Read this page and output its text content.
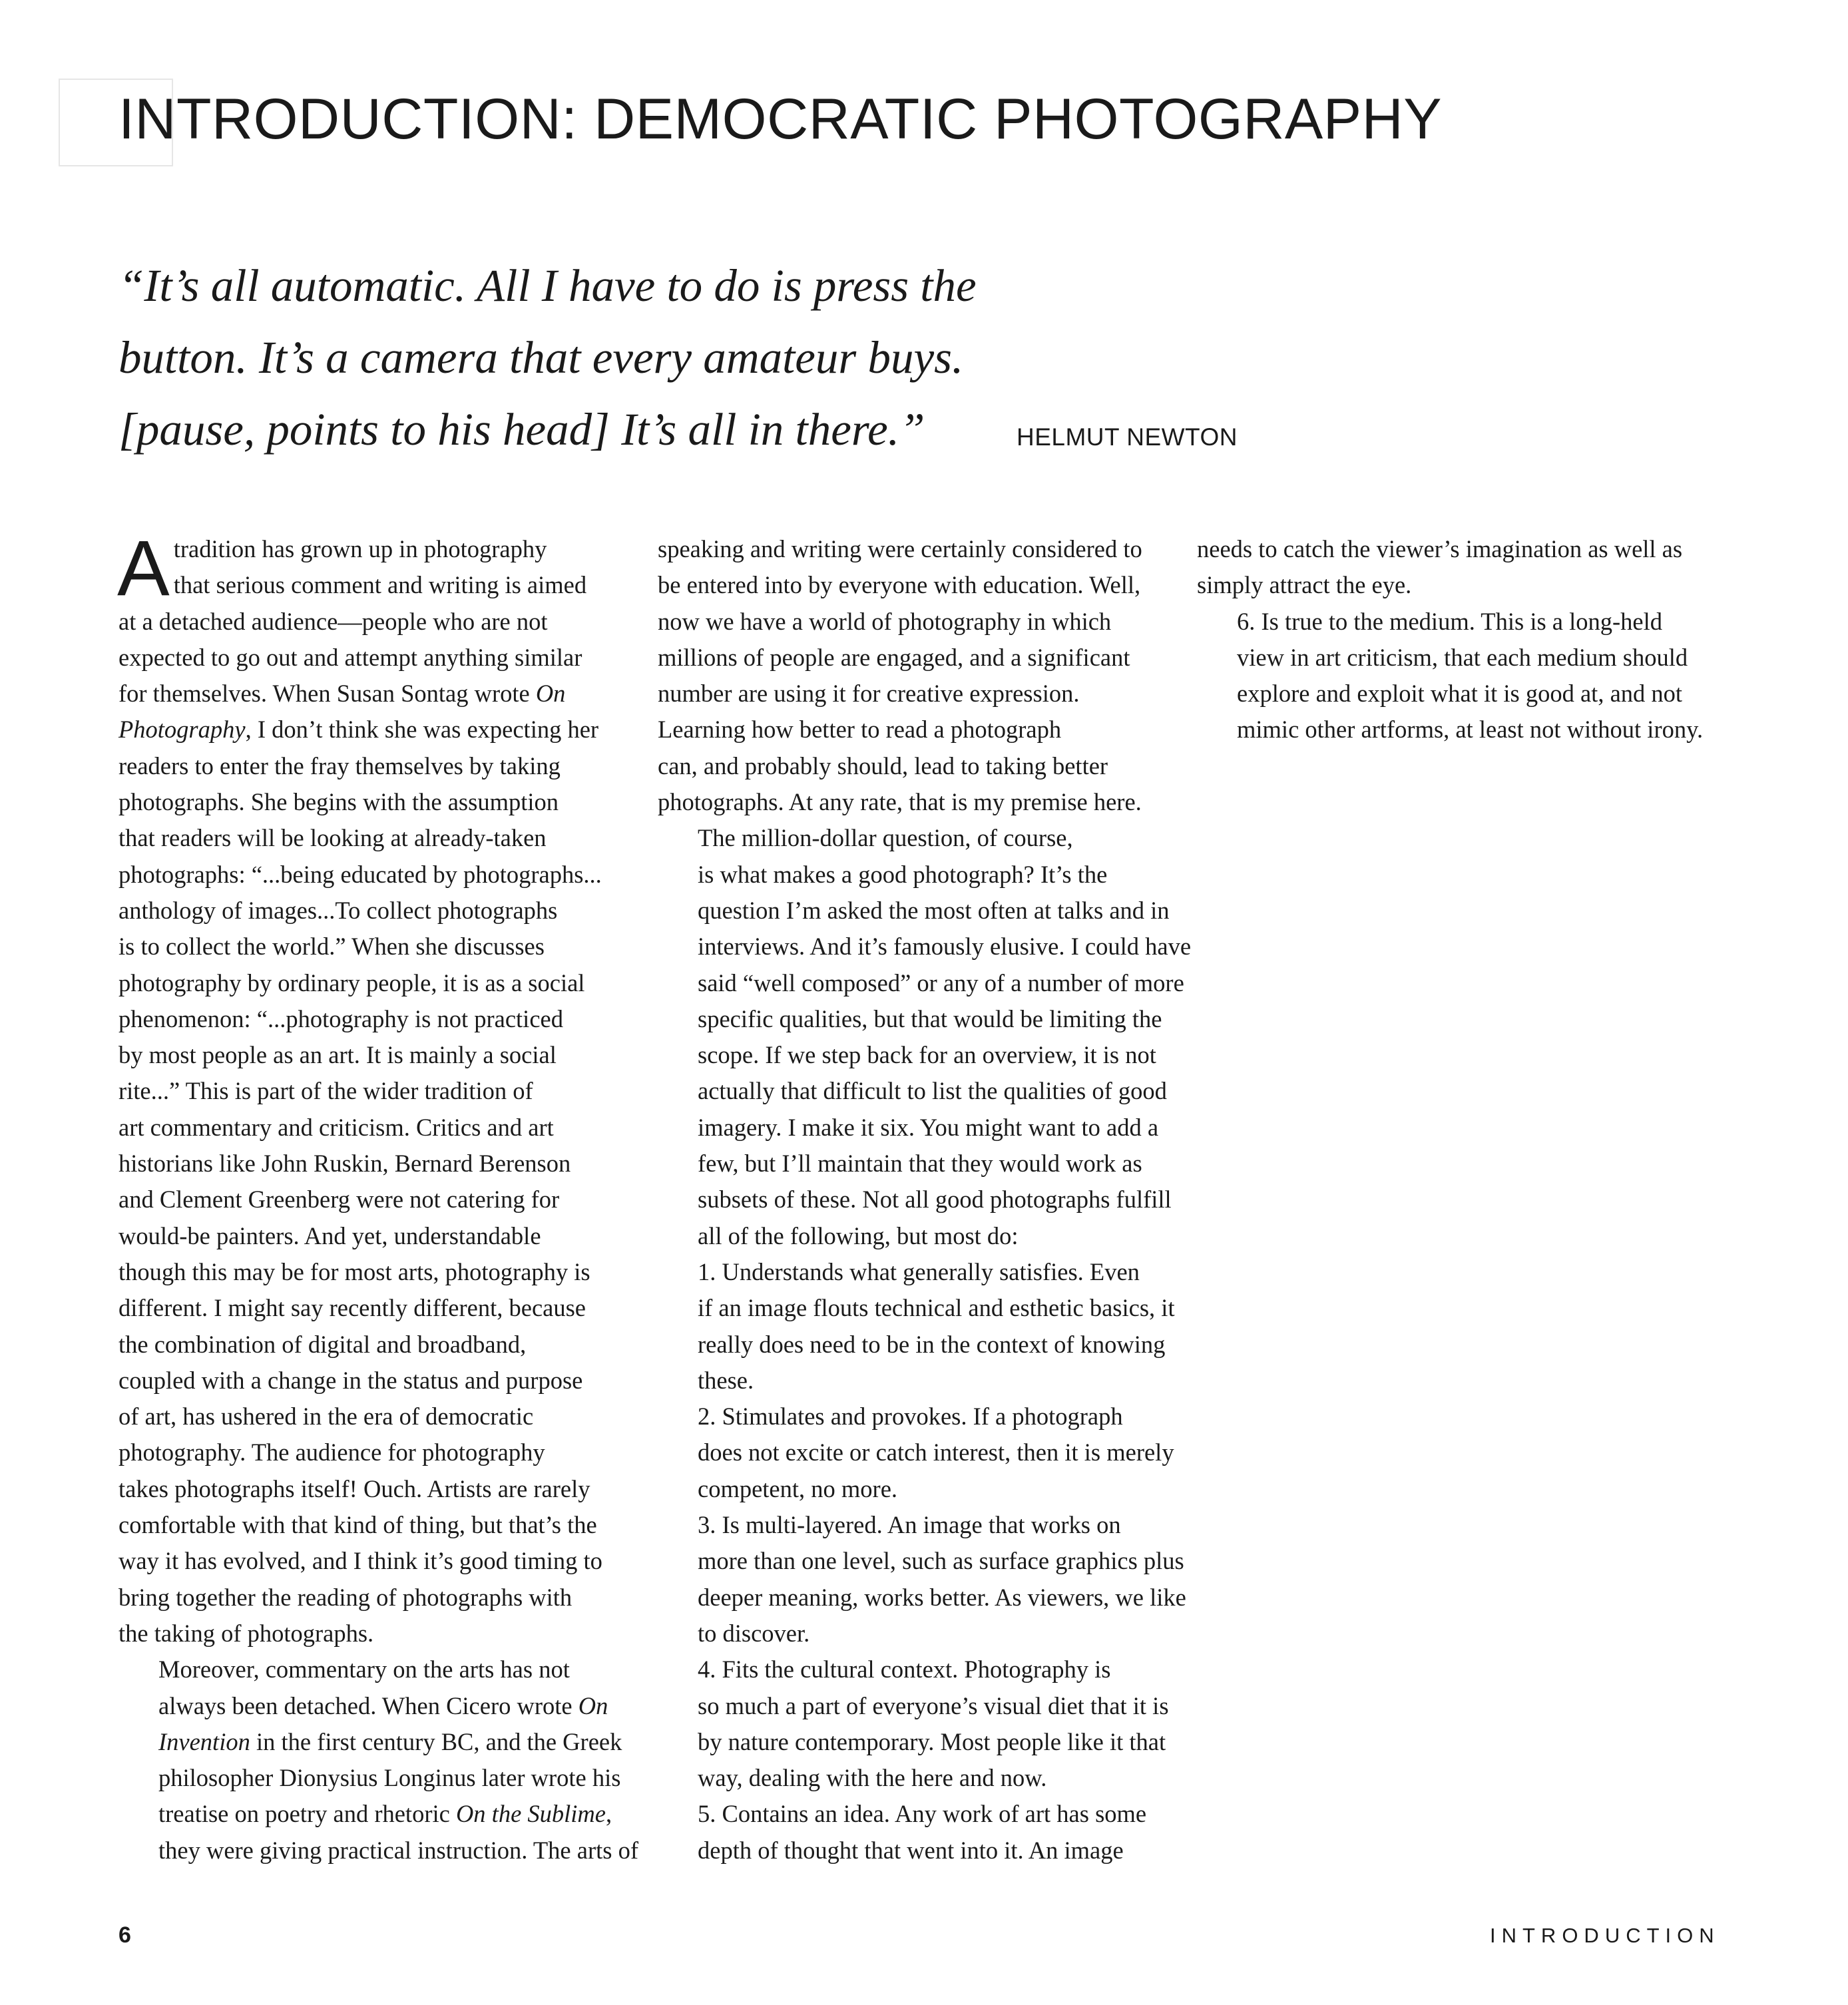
INTRODUCTION: DEMOCRATIC PHOTOGRAPHY
“It’s all automatic. All I have to do is press the
button. It’s a camera that every amateur buys.
[pause, points to his head] It’s all in there.”	HELMUT NEWTON

A tradition has grown up in photography
that serious comment and writing is aimed
at a detached audience—people who are not
expected to go out and attempt anything similar
for themselves. When Susan Sontag wrote On
Photography, I don’t think she was expecting her
readers to enter the fray themselves by taking
photographs. She begins with the assumption
that readers will be looking at already-taken
photographs: “...being educated by photographs...
anthology of images...To collect photographs
is to collect the world.” When she discusses
photography by ordinary people, it is as a social
phenomenon: “...photography is not practiced
by most people as an art. It is mainly a social
rite...” This is part of the wider tradition of
art commentary and criticism. Critics and art
historians like John Ruskin, Bernard Berenson
and Clement Greenberg were not catering for
would-be painters. And yet, understandable
though this may be for most arts, photography is
different. I might say recently different, because
the combination of digital and broadband,
coupled with a change in the status and purpose
of art, has ushered in the era of democratic
photography. The audience for photography
takes photographs itself! Ouch. Artists are rarely
comfortable with that kind of thing, but that’s the
way it has evolved, and I think it’s good timing to
bring together the reading of photographs with
the taking of photographs.

Moreover, commentary on the arts has not
always been detached. When Cicero wrote On
Invention in the first century BC, and the Greek
philosopher Dionysius Longinus later wrote his
treatise on poetry and rhetoric On the Sublime,
they were giving practical instruction. The arts of

speaking and writing were certainly considered to
be entered into by everyone with education. Well,
now we have a world of photography in which
millions of people are engaged, and a significant
number are using it for creative expression.
Learning how better to read a photograph
can, and probably should, lead to taking better
photographs. At any rate, that is my premise here.

The million-dollar question, of course,
is what makes a good photograph? It’s the
question I’m asked the most often at talks and in
interviews. And it’s famously elusive. I could have
said “well composed” or any of a number of more
specific qualities, but that would be limiting the
scope. If we step back for an overview, it is not
actually that difficult to list the qualities of good
imagery. I make it six. You might want to add a
few, but I’ll maintain that they would work as
subsets of these. Not all good photographs fulfill
all of the following, but most do:

1. Understands what generally satisfies. Even
if an image flouts technical and esthetic basics, it
really does need to be in the context of knowing
these.

2. Stimulates and provokes. If a photograph
does not excite or catch interest, then it is merely
competent, no more.

3. Is multi-layered. An image that works on
more than one level, such as surface graphics plus
deeper meaning, works better. As viewers, we like
to discover.

4. Fits the cultural context. Photography is
so much a part of everyone’s visual diet that it is
by nature contemporary. Most people like it that
way, dealing with the here and now.

5. Contains an idea. Any work of art has some
depth of thought that went into it. An image

needs to catch the viewer’s imagination as well as
simply attract the eye.

6. Is true to the medium. This is a long-held
view in art criticism, that each medium should
explore and exploit what it is good at, and not
mimic other artforms, at least not without irony.

6	INTRODUCTION
